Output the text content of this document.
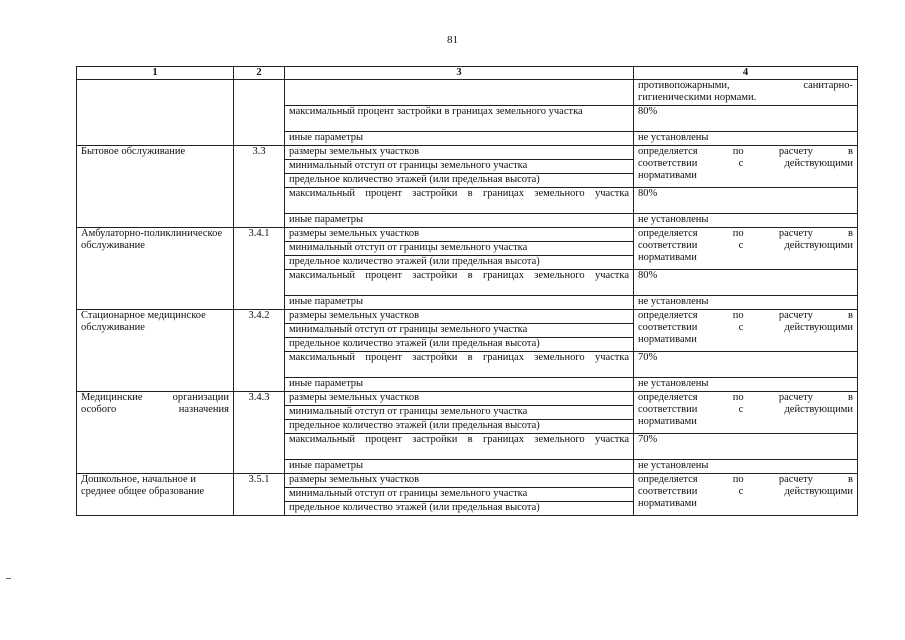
81
1	2	3	4

			противопожарными, санитарно-
гигиеническими нормами.

		максимальный процент застройки в границах земельного участка	80%
		иные параметры	не установлены
Бытовое обслуживание	3.3	размеры земельных участков	определяется по расчету в
соответствии с действующими
нормативами

		минимальный отступ от границы земельного участка	
		предельное количество этажей (или предельная высота)	
		максимальный процент застройки в границах земельного участка	80%
		иные параметры	не установлены
Амбулаторно-поликлиническое обслуживание	3.4.1	размеры земельных участков	определяется по расчету в
соответствии с действующими
нормативами

		минимальный отступ от границы земельного участка	
		предельное количество этажей (или предельная высота)	
		максимальный процент застройки в границах земельного участка	80%
		иные параметры	не установлены
Стационарное медицинское обслуживание	3.4.2	размеры земельных участков	определяется по расчету в
соответствии с действующими
нормативами

		минимальный отступ от границы земельного участка	
		предельное количество этажей (или предельная высота)	
		максимальный процент застройки в границах земельного участка	70%
		иные параметры	не установлены
Медицинские организации особого назначения	3.4.3	размеры земельных участков	определяется по расчету в
соответствии с действующими
нормативами

		минимальный отступ от границы земельного участка	
		предельное количество этажей (или предельная высота)	
		максимальный процент застройки в границах земельного участка	70%
		иные параметры	не установлены
Дошкольное, начальное и среднее общее образование	3.5.1	размеры земельных участков	определяется по расчету в
соответствии с действующими
нормативами

		минимальный отступ от границы земельного участка	
		предельное количество этажей (или предельная высота)	
